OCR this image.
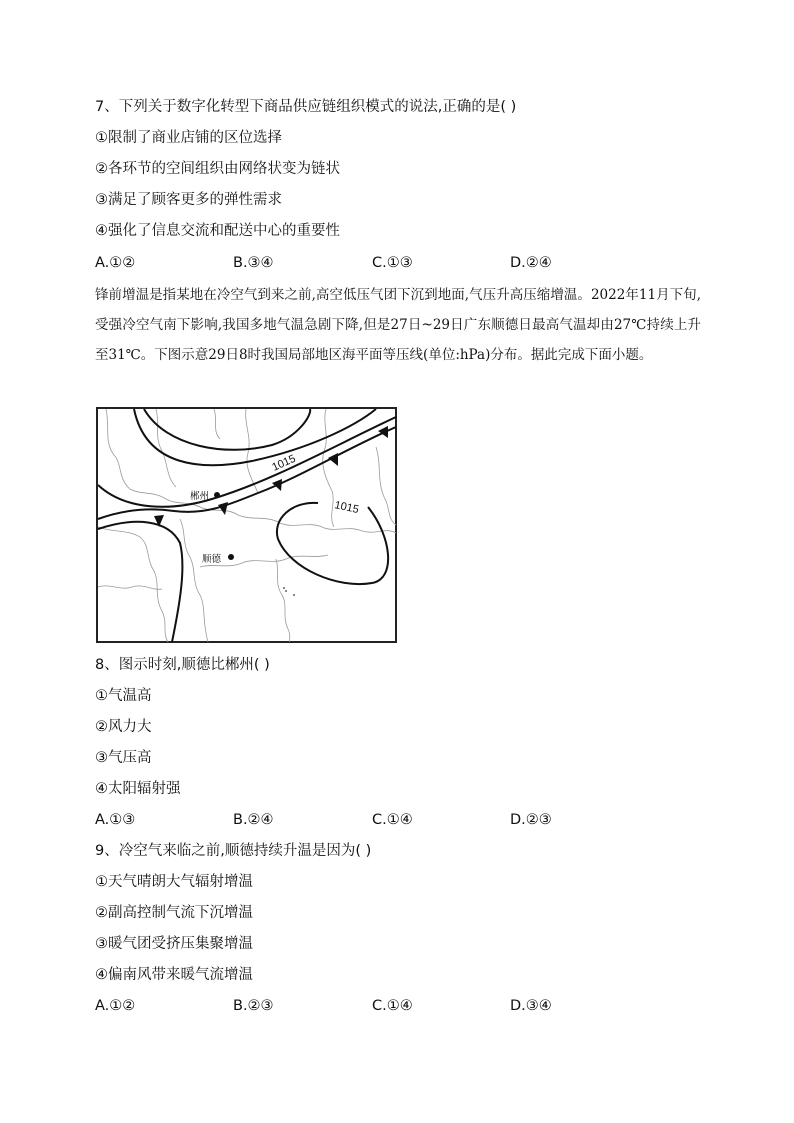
7、下列关于数字化转型下商品供应链组织模式的说法,正确的是( )
①限制了商业店铺的区位选择
②各环节的空间组织由网络状变为链状
③满足了顾客更多的弹性需求
④强化了信息交流和配送中心的重要性
A.①②	B.③④	C.①③	D.②④
锋前增温是指某地在冷空气到来之前,高空低压气团下沉到地面,气压升高压缩增温。2022年11月下旬,受强冷空气南下影响,我国多地气温急剧下降,但是27日~29日广东顺德日最高气温却由27℃持续上升至31℃。下图示意29日8时我国局部地区海平面等压线(单位:hPa)分布。据此完成下面小题。
1015
1015
郴州
顺德
8、图示时刻,顺德比郴州( )
①气温高
②风力大
③气压高
④太阳辐射强
A.①③	B.②④	C.①④	D.②③
9、冷空气来临之前,顺德持续升温是因为( )
①天气晴朗大气辐射增温
②副高控制气流下沉增温
③暖气团受挤压集聚增温
④偏南风带来暖气流增温
A.①②	B.②③	C.①④	D.③④
